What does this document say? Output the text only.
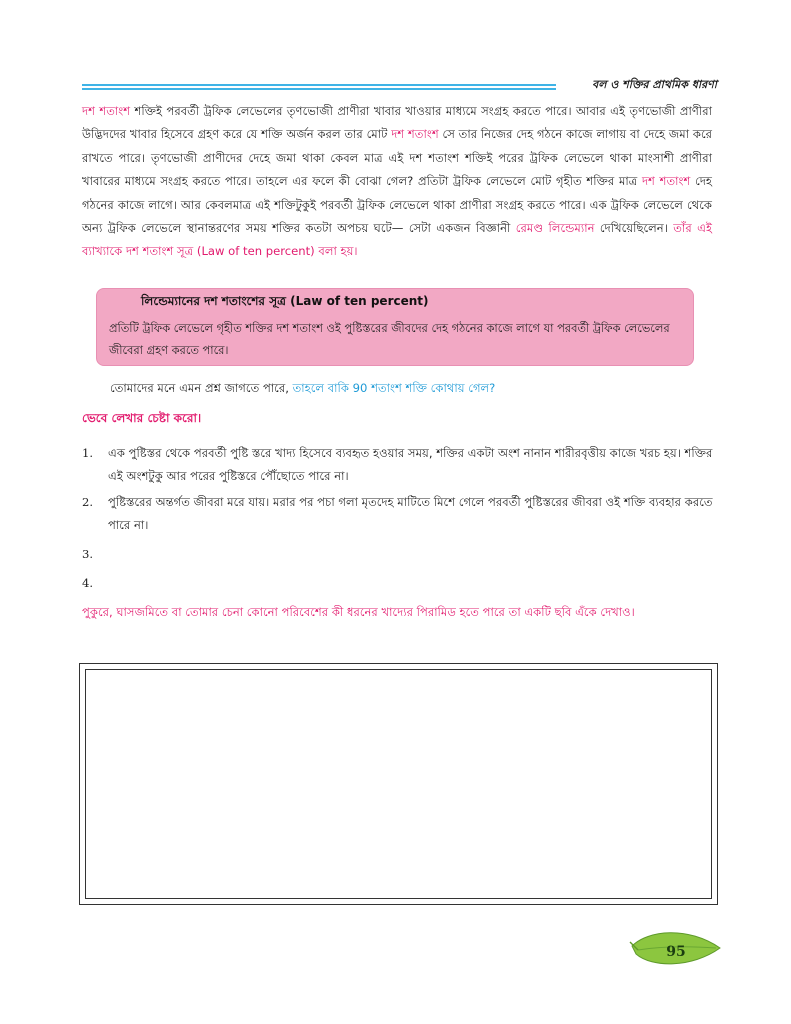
বল ও শক্তির প্রাথমিক ধারণা
দশ শতাংশ শক্তিই পরবর্তী ট্রফিক লেভেলের তৃণভোজী প্রাণীরা খাবার খাওয়ার মাধ্যমে সংগ্রহ করতে পারে। আবার এই তৃণভোজী প্রাণীরা উদ্ভিদদের খাবার হিসেবে গ্রহণ করে যে শক্তি অর্জন করল তার মোট দশ শতাংশ সে তার নিজের দেহ গঠনে কাজে লাগায় বা দেহে জমা করে রাখতে পারে। তৃণভোজী প্রাণীদের দেহে জমা থাকা কেবল মাত্র এই দশ শতাংশ শক্তিই পরের ট্রফিক লেভেলে থাকা মাংসাশী প্রাণীরা খাবারের মাধ্যমে সংগ্রহ করতে পারে। তাহলে এর ফলে কী বোঝা গেল? প্রতিটা ট্রফিক লেভেলে মোট গৃহীত শক্তির মাত্র দশ শতাংশ দেহ গঠনের কাজে লাগে। আর কেবলমাত্র এই শক্তিটুকুই পরবর্তী ট্রফিক লেভেলে থাকা প্রাণীরা সংগ্রহ করতে পারে। এক ট্রফিক লেভেলে থেকে অন্য ট্রফিক লেভেলে স্থানান্তরণের সময় শক্তির কতটা অপচয় ঘটে— সেটা একজন বিজ্ঞানী রেমণ্ড লিন্ডেম্যান দেখিয়েছিলেন। তাঁর এই ব্যাখ্যাকে দশ শতাংশ সূত্র (Law of ten percent) বলা হয়।
লিন্ডেম্যানের দশ শতাংশের সূত্র (Law of ten percent)
প্রতিটি ট্রফিক লেভেলে গৃহীত শক্তির দশ শতাংশ ওই পুষ্টিস্তরের জীবদের দেহ গঠনের কাজে লাগে যা পরবর্তী ট্রফিক লেভেলের জীবেরা গ্রহণ করতে পারে।
তোমাদের মনে এমন প্রশ্ন জাগতে পারে, তাহলে বাকি 90 শতাংশ শক্তি কোথায় গেল?
ভেবে লেখার চেষ্টা করো।
1. এক পুষ্টিস্তর থেকে পরবর্তী পুষ্টি স্তরে খাদ্য হিসেবে ব্যবহৃত হওয়ার সময়, শক্তির একটা অংশ নানান শারীরবৃত্তীয় কাজে খরচ হয়। শক্তির এই অংশটুকু আর পরের পুষ্টিস্তরে পৌঁছোতে পারে না।
2. পুষ্টিস্তরের অন্তর্গত জীবরা মরে যায়। মরার পর পচা গলা মৃতদেহ মাটিতে মিশে গেলে পরবর্তী পুষ্টিস্তরের জীবরা ওই শক্তি ব্যবহার করতে পারে না।
3.
4.
পুকুরে, ঘাসজমিতে বা তোমার চেনা কোনো পরিবেশের কী ধরনের খাদ্যের পিরামিড হতে পারে তা একটি ছবি এঁকে দেখাও।
95
